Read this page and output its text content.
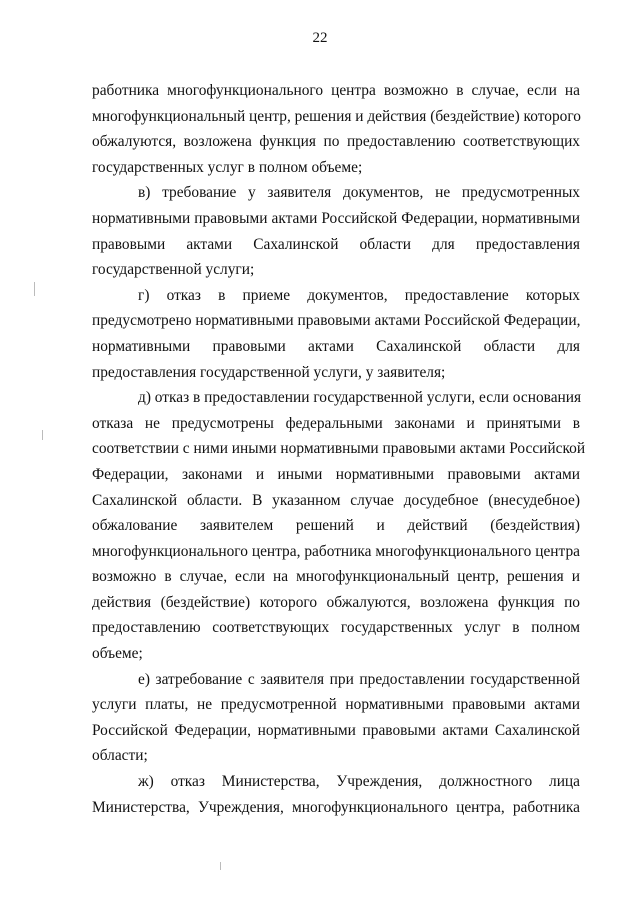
22

работника многофункционального центра возможно в случае, если на
многофункциональный центр, решения и действия (бездействие) которого
обжалуются, возложена функция по предоставлению соответствующих
государственных услуг в полном объеме;

в) требование у заявителя документов, не предусмотренных
нормативными правовыми актами Российской Федерации, нормативными
правовыми актами Сахалинской области для предоставления
государственной услуги;

г) отказ в приеме документов, предоставление которых
предусмотрено нормативными правовыми актами Российской Федерации,
нормативными правовыми актами Сахалинской области для
предоставления государственной услуги, у заявителя;

д) отказ в предоставлении государственной услуги, если основания
отказа не предусмотрены федеральными законами и принятыми в
соответствии с ними иными нормативными правовыми актами Российской
Федерации, законами и иными нормативными правовыми актами
Сахалинской области. В указанном случае досудебное (внесудебное)
обжалование заявителем решений и действий (бездействия)
многофункционального центра, работника многофункционального центра
возможно в случае, если на многофункциональный центр, решения и
действия (бездействие) которого обжалуются, возложена функция по
предоставлению соответствующих государственных услуг в полном
объеме;

е) затребование с заявителя при предоставлении государственной
услуги платы, не предусмотренной нормативными правовыми актами
Российской Федерации, нормативными правовыми актами Сахалинской
области;

ж) отказ Министерства, Учреждения, должностного лица
Министерства, Учреждения, многофункционального центра, работника
